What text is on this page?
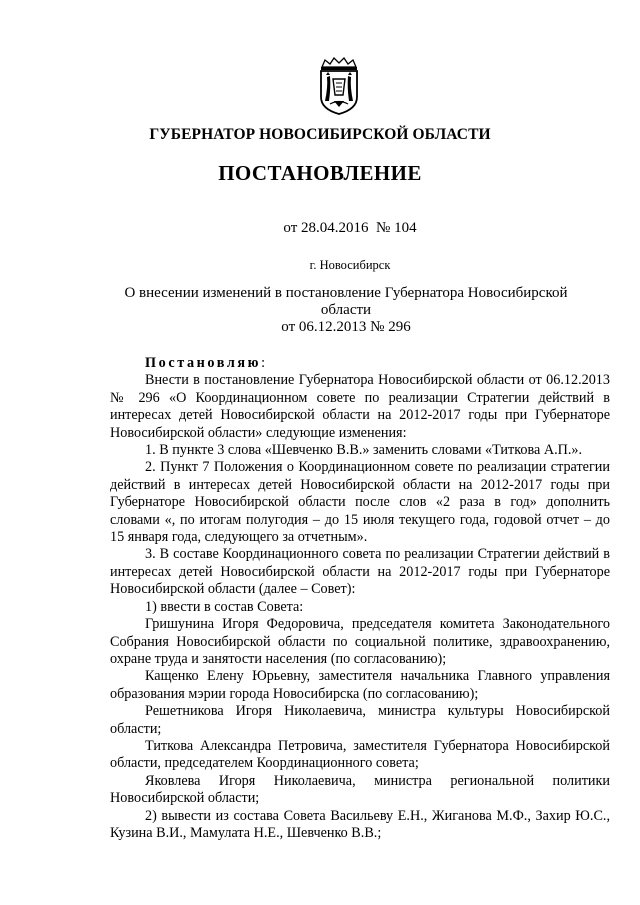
ГУБЕРНАТОР НОВОСИБИРСКОЙ ОБЛАСТИ
ПОСТАНОВЛЕНИЕ
от 28.04.2016  № 104
г. Новосибирск
О внесении изменений в постановление Губернатора Новосибирской области
от 06.12.2013 № 296

Постановляю:

Внести в постановление Губернатора Новосибирской области от 06.12.2013 № 296 «О Координационном совете по реализации Стратегии действий в интересах детей Новосибирской области на 2012-2017 годы при Губернаторе Новосибирской области» следующие изменения:

1. В пункте 3 слова «Шевченко В.В.» заменить словами «Титкова А.П.».

2. Пункт 7 Положения о Координационном совете по реализации стратегии действий в интересах детей Новосибирской области на 2012-2017 годы при Губернаторе Новосибирской области после слов «2 раза в год» дополнить словами «, по итогам полугодия – до 15 июля текущего года, годовой отчет – до 15 января года, следующего за отчетным».

3. В составе Координационного совета по реализации Стратегии действий в интересах детей Новосибирской области на 2012-2017 годы при Губернаторе Новосибирской области (далее – Совет):

1) ввести в состав Совета:

Гришунина Игоря Федоровича, председателя комитета Законодательного Собрания Новосибирской области по социальной политике, здравоохранению, охране труда и занятости населения (по согласованию);

Кащенко Елену Юрьевну, заместителя начальника Главного управления образования мэрии города Новосибирска (по согласованию);

Решетникова Игоря Николаевича, министра культуры Новосибирской области;

Титкова Александра Петровича, заместителя Губернатора Новосибирской области, председателем Координационного совета;

Яковлева Игоря Николаевича, министра региональной политики Новосибирской области;

2) вывести из состава Совета Васильеву Е.Н., Жиганова М.Ф., Захир Ю.С., Кузина В.И., Мамулата Н.Е., Шевченко В.В.;
